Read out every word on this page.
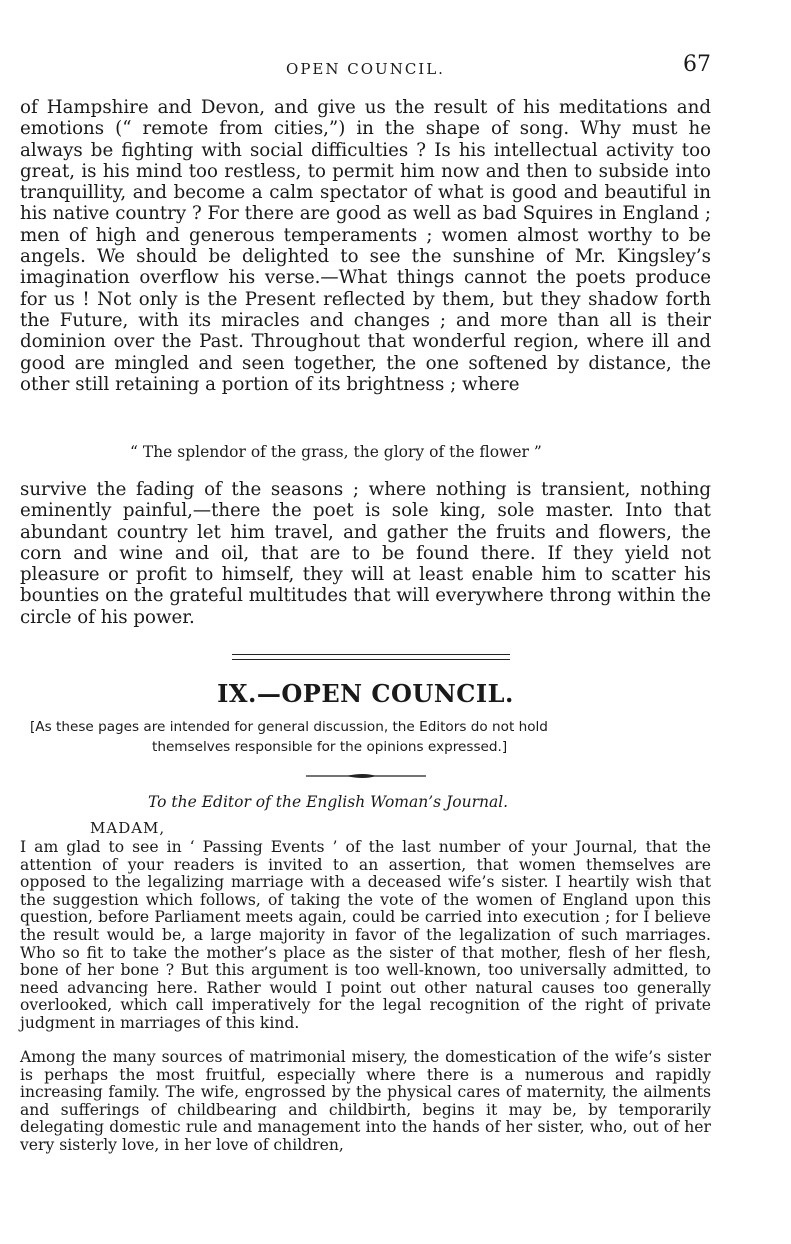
OPEN COUNCIL.	67

of Hampshire and Devon, and give us the result of his meditations and emotions (“ remote from cities,”) in the shape of song. Why must he always be fighting with social difficulties ? Is his intellectual activity too great, is his mind too restless, to permit him now and then to subside into tranquillity, and become a calm spectator of what is good and beautiful in his native country ? For there are good as well as bad Squires in England ; men of high and generous temperaments ; women almost worthy to be angels. We should be delighted to see the sunshine of Mr. Kingsley’s imagination overflow his verse.—What things cannot the poets produce for us ! Not only is the Present reflected by them, but they shadow forth the Future, with its miracles and changes ; and more than all is their dominion over the Past. Throughout that wonderful region, where ill and good are mingled and seen together, the one softened by distance, the other still retaining a portion of its brightness ; where

“ The splendor of the grass, the glory of the flower ”

survive the fading of the seasons ; where nothing is transient, nothing eminently painful,—there the poet is sole king, sole master. Into that abundant country let him travel, and gather the fruits and flowers, the corn and wine and oil, that are to be found there. If they yield not pleasure or profit to himself, they will at least enable him to scatter his bounties on the grateful multitudes that will everywhere throng within the circle of his power.

IX.—OPEN COUNCIL.

[As these pages are intended for general discussion, the Editors do not hold

themselves responsible for the opinions expressed.]

To the Editor of the English Woman’s Journal.

MADAM,

I am glad to see in ‘ Passing Events ’ of the last number of your Journal, that the attention of your readers is invited to an assertion, that women themselves are opposed to the legalizing marriage with a deceased wife’s sister. I heartily wish that the suggestion which follows, of taking the vote of the women of England upon this question, before Parliament meets again, could be carried into execution ; for I believe the result would be, a large majority in favor of the legalization of such marriages. Who so fit to take the mother’s place as the sister of that mother, flesh of her flesh, bone of her bone ? But this argument is too well-known, too universally admitted, to need advancing here. Rather would I point out other natural causes too generally overlooked, which call imperatively for the legal recognition of the right of private judgment in marriages of this kind.

Among the many sources of matrimonial misery, the domestication of the wife’s sister is perhaps the most fruitful, especially where there is a numerous and rapidly increasing family. The wife, engrossed by the physical cares of maternity, the ailments and sufferings of childbearing and childbirth, begins it may be, by temporarily delegating domestic rule and management into the hands of her sister, who, out of her very sisterly love, in her love of children,
